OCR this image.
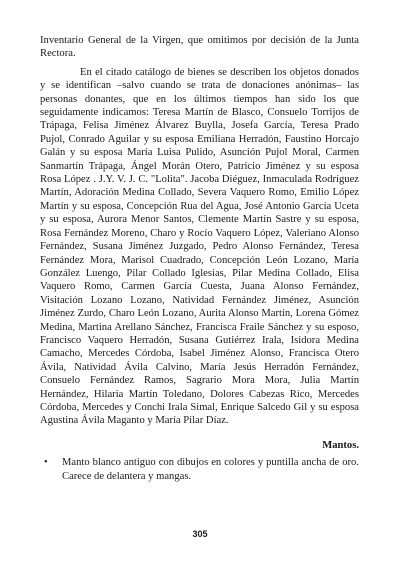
Inventario General de la Virgen, que omitimos por decisión de la Junta Rectora.

En el citado catálogo de bienes se describen los objetos donados y se identifican –salvo cuando se trata de donaciones anónimas– las personas donantes, que en los últimos tiempos han sido los que seguidamente indicamos: Teresa Martín de Blasco, Consuelo Torrijos de Trápaga, Felisa Jiménez Álvarez Buylla, Josefa García, Teresa Prado Pujol, Conrado Aguilar y su esposa Emiliana Herradón, Faustino Horcajo Galán y su esposa María Luisa Pulido, Asunción Pujol Moral, Carmen Sanmartín Trápaga, Ángel Morán Otero, Patricio Jiménez y su esposa Rosa López . J.Y. V. J. C. "Lolita". Jacoba Diéguez, Inmaculada Rodríguez Martín, Adoración Medina Collado, Severa Vaquero Romo, Emilio López Martín y su esposa, Concepción Rua del Agua, José Antonio García Uceta y su esposa, Aurora Menor Santos, Clemente Martín Sastre y su esposa, Rosa Fernández Moreno, Charo y Rocío Vaquero López, Valeriano Alonso Fernández, Susana Jiménez Juzgado, Pedro Alonso Fernández, Teresa Fernández Mora, Marisol Cuadrado, Concepción León Lozano, María González Luengo, Pilar Collado Iglesias, Pilar Medina Collado, Elisa Vaquero Romo, Carmen García Cuesta, Juana Alonso Fernández, Visitación Lozano Lozano, Natividad Fernández Jiménez, Asunción Jiménez Zurdo, Charo León Lozano, Aurita Alonso Martín, Lorena Gómez Medina, Martina Arellano Sánchez, Francisca Fraile Sánchez y su esposo, Francisco Vaquero Herradón, Susana Gutiérrez Irala, Isidora Medina Camacho, Mercedes Córdoba, Isabel Jiménez Alonso, Francisca Otero Ávila, Natividad Ávila Calvino, María Jesús Herradón Fernández, Consuelo Fernández Ramos, Sagrario Mora Mora, Julia Martín Hernández, Hilaria Martín Toledano, Dolores Cabezas Rico, Mercedes Córdoba, Mercedes y Conchi Irala Simal, Enrique Salcedo Gil y su esposa Agustina Ávila Maganto y María Pilar Díaz.

Mantos.

• Manto blanco antiguo con dibujos en colores y puntilla ancha de oro. Carece de delantera y mangas.

305
